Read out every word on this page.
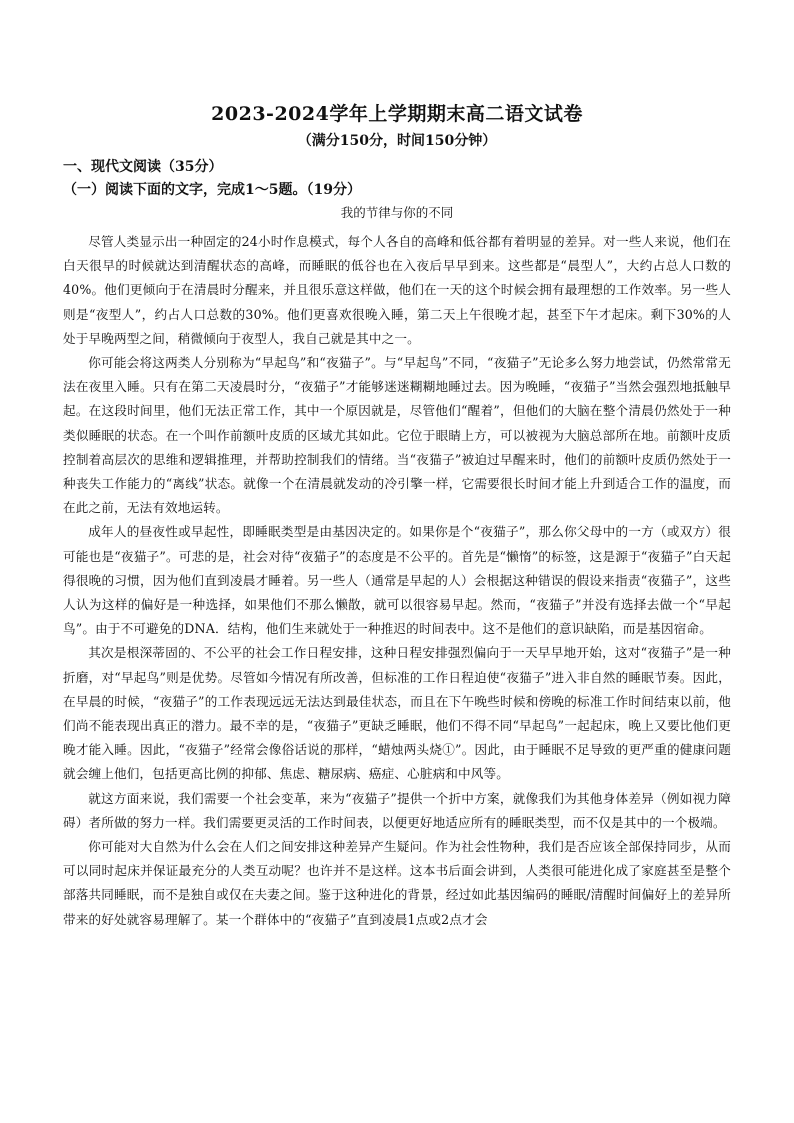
2023-2024学年上学期期末高二语文试卷
（满分150分，时间150分钟）
一、现代文阅读（35分）
（一）阅读下面的文字，完成1～5题。（19分）
我的节律与你的不同

尽管人类显示出一种固定的24小时作息模式，每个人各自的高峰和低谷都有着明显的差异。对一些人来说，他们在白天很早的时候就达到清醒状态的高峰，而睡眠的低谷也在入夜后早早到来。这些都是“晨型人”，大约占总人口数的40%。他们更倾向于在清晨时分醒来，并且很乐意这样做，他们在一天的这个时候会拥有最理想的工作效率。另一些人则是“夜型人”，约占人口总数的30%。他们更喜欢很晚入睡，第二天上午很晚才起，甚至下午才起床。剩下30%的人处于早晚两型之间，稍微倾向于夜型人，我自己就是其中之一。

你可能会将这两类人分别称为“早起鸟”和“夜猫子”。与“早起鸟”不同，“夜猫子”无论多么努力地尝试，仍然常常无法在夜里入睡。只有在第二天凌晨时分，“夜猫子”才能够迷迷糊糊地睡过去。因为晚睡，“夜猫子”当然会强烈地抵触早起。在这段时间里，他们无法正常工作，其中一个原因就是，尽管他们“醒着”，但他们的大脑在整个清晨仍然处于一种类似睡眠的状态。在一个叫作前额叶皮质的区域尤其如此。它位于眼睛上方，可以被视为大脑总部所在地。前额叶皮质控制着高层次的思维和逻辑推理，并帮助控制我们的情绪。当“夜猫子”被迫过早醒来时，他们的前额叶皮质仍然处于一种丧失工作能力的“离线”状态。就像一个在清晨就发动的冷引擎一样，它需要很长时间才能上升到适合工作的温度，而在此之前，无法有效地运转。

成年人的昼夜性或早起性，即睡眠类型是由基因决定的。如果你是个“夜猫子”，那么你父母中的一方（或双方）很可能也是“夜猫子”。可悲的是，社会对待“夜猫子”的态度是不公平的。首先是“懒惰”的标签，这是源于“夜猫子”白天起得很晚的习惯，因为他们直到凌晨才睡着。另一些人（通常是早起的人）会根据这种错误的假设来指责“夜猫子”，这些人认为这样的偏好是一种选择，如果他们不那么懒散，就可以很容易早起。然而，“夜猫子”并没有选择去做一个“早起鸟”。由于不可避免的DNA．结构，他们生来就处于一种推迟的时间表中。这不是他们的意识缺陷，而是基因宿命。

其次是根深蒂固的、不公平的社会工作日程安排，这种日程安排强烈偏向于一天早早地开始，这对“夜猫子”是一种折磨，对“早起鸟”则是优势。尽管如今情况有所改善，但标准的工作日程迫使“夜猫子”进入非自然的睡眠节奏。因此，在早晨的时候，“夜猫子”的工作表现远远无法达到最佳状态，而且在下午晚些时候和傍晚的标准工作时间结束以前，他们尚不能表现出真正的潜力。最不幸的是，“夜猫子”更缺乏睡眠，他们不得不同“早起鸟”一起起床，晚上又要比他们更晚才能入睡。因此，“夜猫子”经常会像俗话说的那样，“蜡烛两头烧①”。因此，由于睡眠不足导致的更严重的健康问题就会缠上他们，包括更高比例的抑郁、焦虑、糖尿病、癌症、心脏病和中风等。

就这方面来说，我们需要一个社会变革，来为“夜猫子”提供一个折中方案，就像我们为其他身体差异（例如视力障碍）者所做的努力一样。我们需要更灵活的工作时间表，以便更好地适应所有的睡眠类型，而不仅是其中的一个极端。

你可能对大自然为什么会在人们之间安排这种差异产生疑问。作为社会性物种，我们是否应该全部保持同步，从而可以同时起床并保证最充分的人类互动呢？也许并不是这样。这本书后面会讲到，人类很可能进化成了家庭甚至是整个部落共同睡眠，而不是独自或仅在夫妻之间。鉴于这种进化的背景，经过如此基因编码的睡眠/清醒时间偏好上的差异所带来的好处就容易理解了。某一个群体中的“夜猫子”直到凌晨1点或2点才会
